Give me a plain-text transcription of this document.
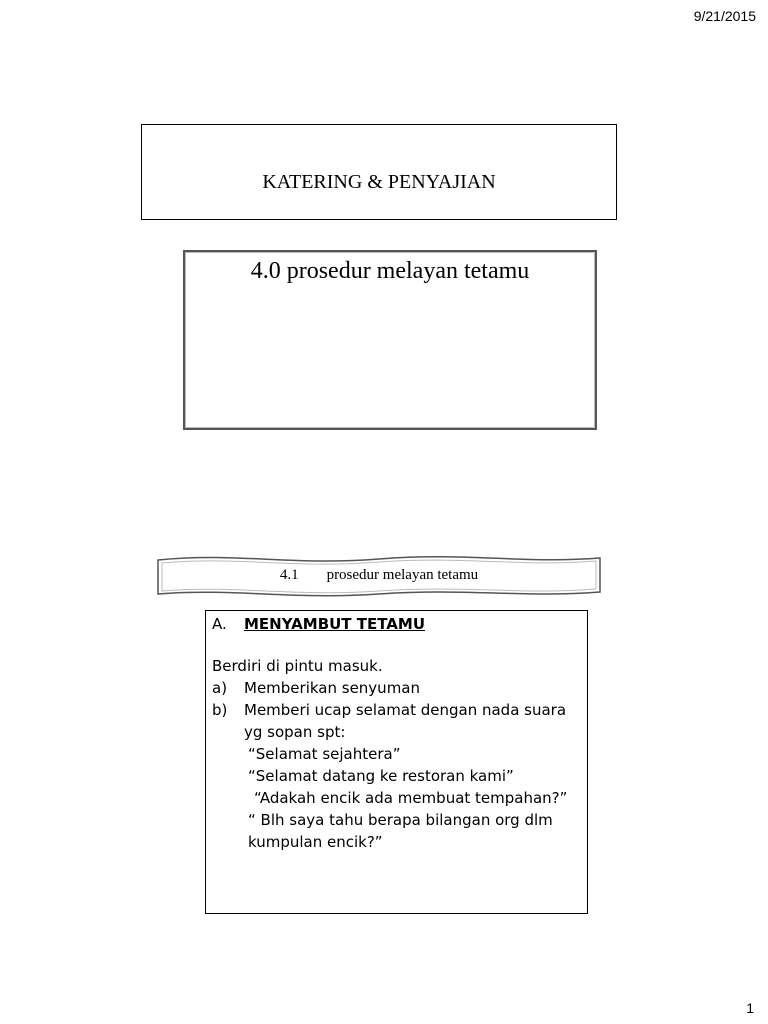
9/21/2015
KATERING & PENYAJIAN
4.0 prosedur melayan tetamu
4.1 prosedur melayan tetamu
A.	MENYAMBUT TETAMU
Berdiri di pintu masuk.
a)	Memberikan senyuman
b)	Memberi ucap selamat dengan nada suara yg sopan spt:
“Selamat sejahtera”
“Selamat datang ke restoran kami”
“Adakah encik ada membuat tempahan?”
“ Blh saya tahu berapa bilangan org dlm kumpulan encik?”
1
